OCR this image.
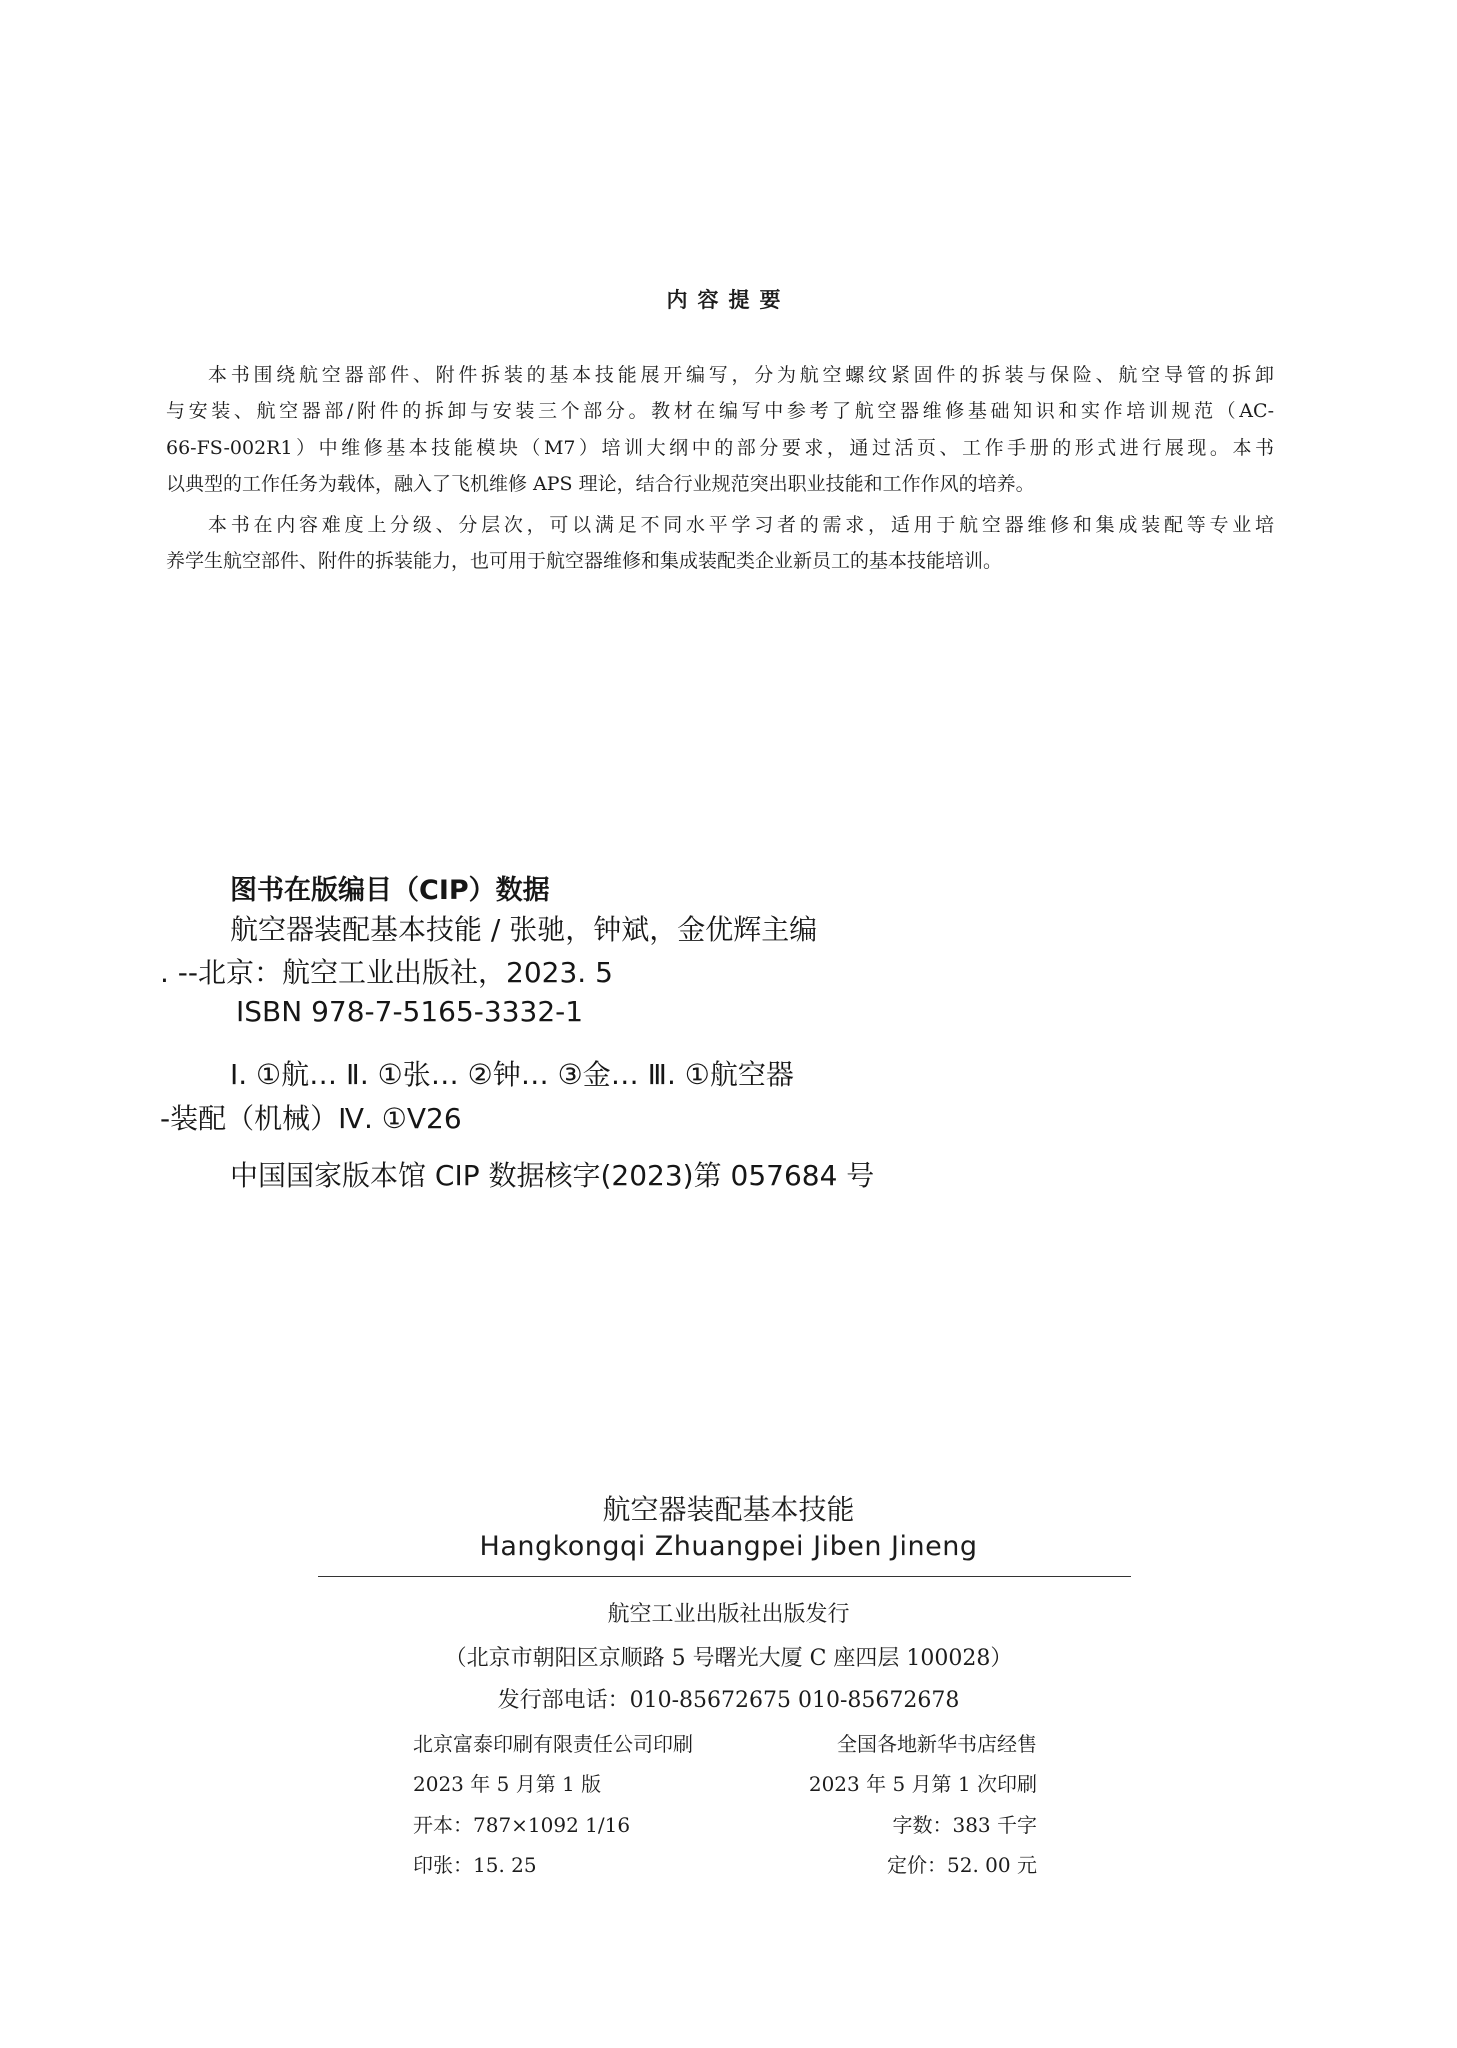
内容提要
本书围绕航空器部件、附件拆装的基本技能展开编写，分为航空螺纹紧固件的拆装与保险、航空导管的拆卸
与安装、航空器部/附件的拆卸与安装三个部分。教材在编写中参考了航空器维修基础知识和实作培训规范（AC-
66-FS-002R1）中维修基本技能模块（M7）培训大纲中的部分要求，通过活页、工作手册的形式进行展现。本书
以典型的工作任务为载体，融入了飞机维修 APS 理论，结合行业规范突出职业技能和工作作风的培养。
本书在内容难度上分级、分层次，可以满足不同水平学习者的需求，适用于航空器维修和集成装配等专业培
养学生航空部件、附件的拆装能力，也可用于航空器维修和集成装配类企业新员工的基本技能培训。
图书在版编目（CIP）数据
航空器装配基本技能 / 张驰，钟斌，金优辉主编
. --北京：航空工业出版社，2023. 5
ISBN 978-7-5165-3332-1
Ⅰ. ①航… Ⅱ. ①张… ②钟… ③金… Ⅲ. ①航空器
-装配（机械）Ⅳ. ①V26
中国国家版本馆 CIP 数据核字(2023)第 057684 号
航空器装配基本技能
Hangkongqi Zhuangpei Jiben Jineng
航空工业出版社出版发行
（北京市朝阳区京顺路 5 号曙光大厦 C 座四层 100028）
发行部电话：010-85672675 010-85672678
北京富泰印刷有限责任公司印刷	全国各地新华书店经售
2023 年 5 月第 1 版	2023 年 5 月第 1 次印刷
开本：787×1092 1/16	字数：383 千字
印张：15. 25	定价：52. 00 元
